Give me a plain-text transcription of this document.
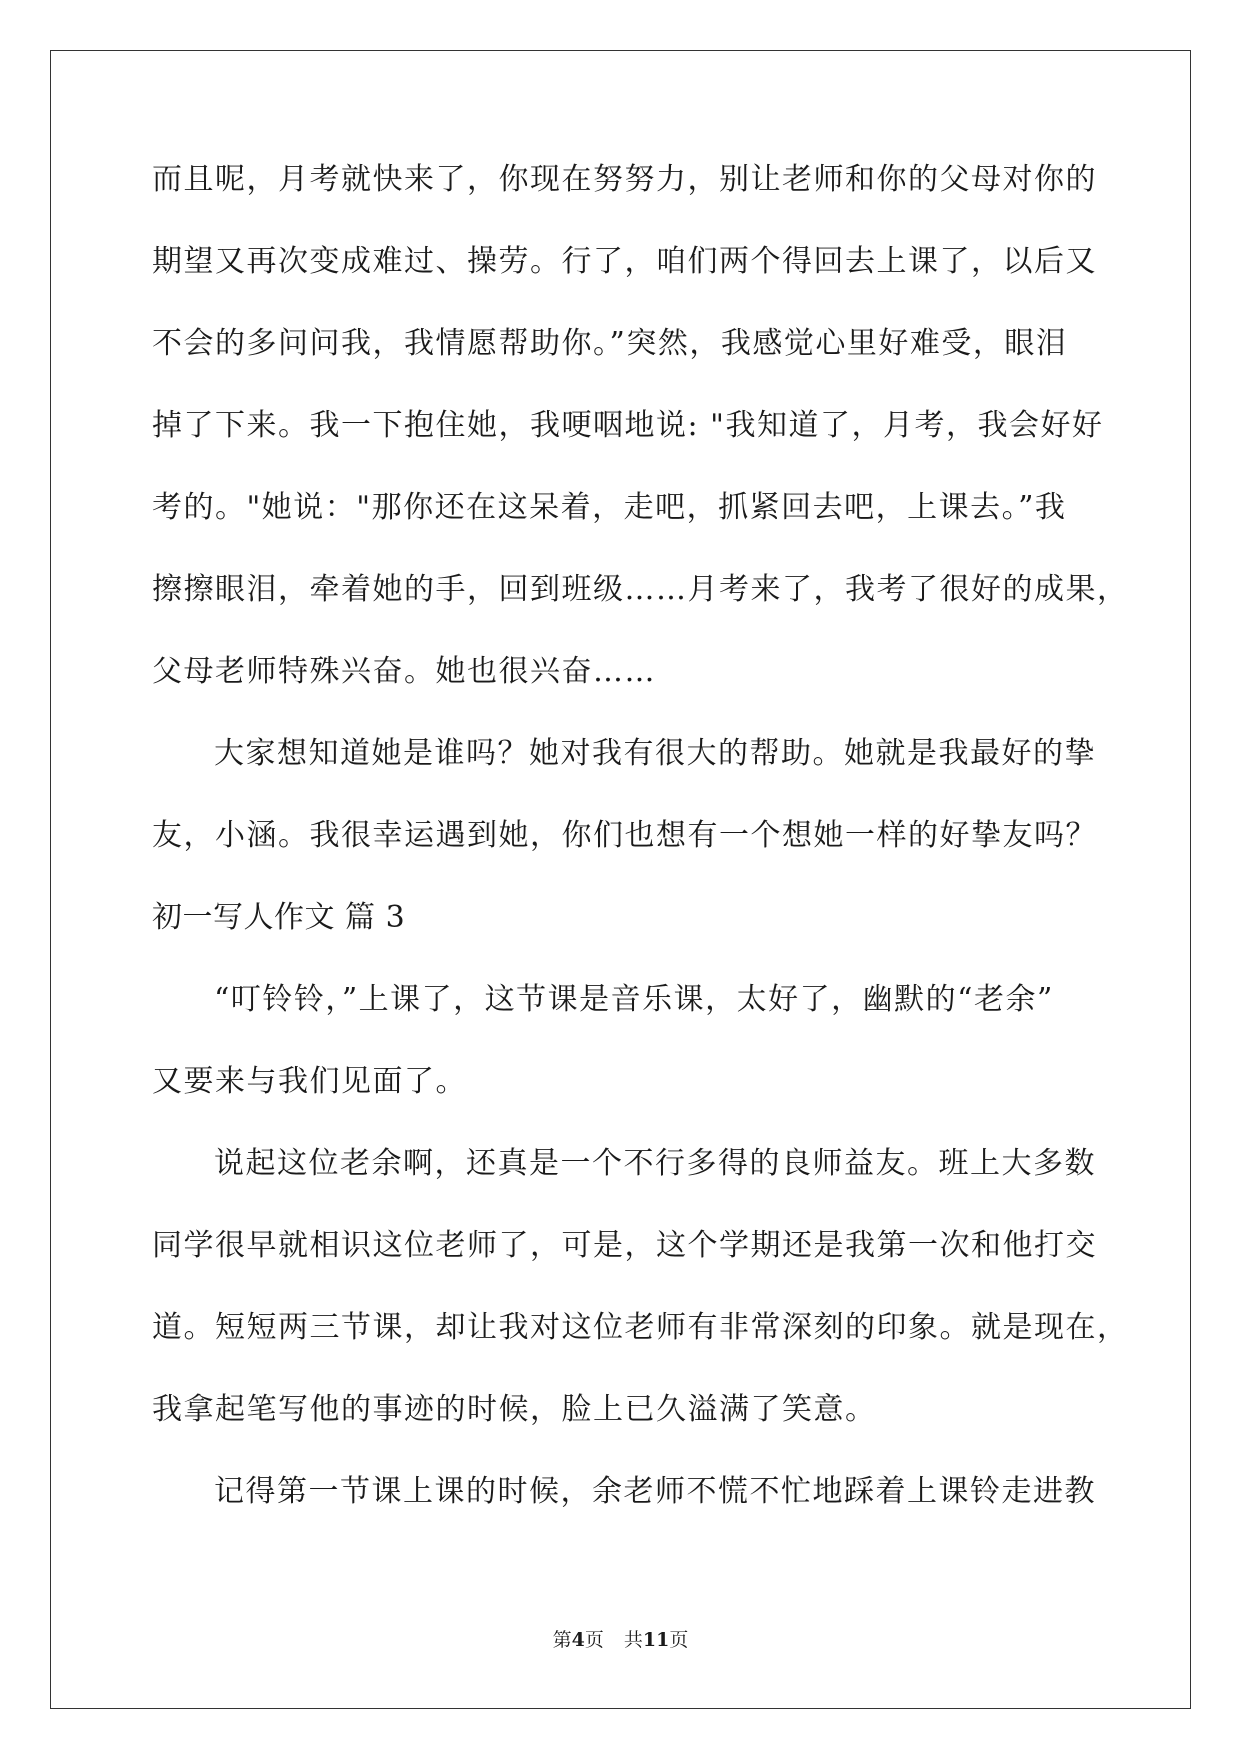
而且呢，月考就快来了，你现在努努力，别让老师和你的父母对你的
期望又再次变成难过、操劳。行了，咱们两个得回去上课了，以后又
不会的多问问我，我情愿帮助你。”突然，我感觉心里好难受，眼泪
掉了下来。我一下抱住她，我哽咽地说: "我知道了，月考，我会好好
考的。"她说："那你还在这呆着，走吧，抓紧回去吧，上课去。”我
擦擦眼泪，牵着她的手，回到班级……月考来了，我考了很好的成果，
父母老师特殊兴奋。她也很兴奋……
大家想知道她是谁吗？她对我有很大的帮助。她就是我最好的挚
友，小涵。我很幸运遇到她，你们也想有一个想她一样的好挚友吗？
初一写人作文 篇 3
“叮铃铃，”上课了，这节课是音乐课，太好了，幽默的“老余”
又要来与我们见面了。
说起这位老余啊，还真是一个不行多得的良师益友。班上大多数
同学很早就相识这位老师了，可是，这个学期还是我第一次和他打交
道。短短两三节课，却让我对这位老师有非常深刻的印象。就是现在，
我拿起笔写他的事迹的时候，脸上已久溢满了笑意。
记得第一节课上课的时候，余老师不慌不忙地踩着上课铃走进教
第4页 共11页
